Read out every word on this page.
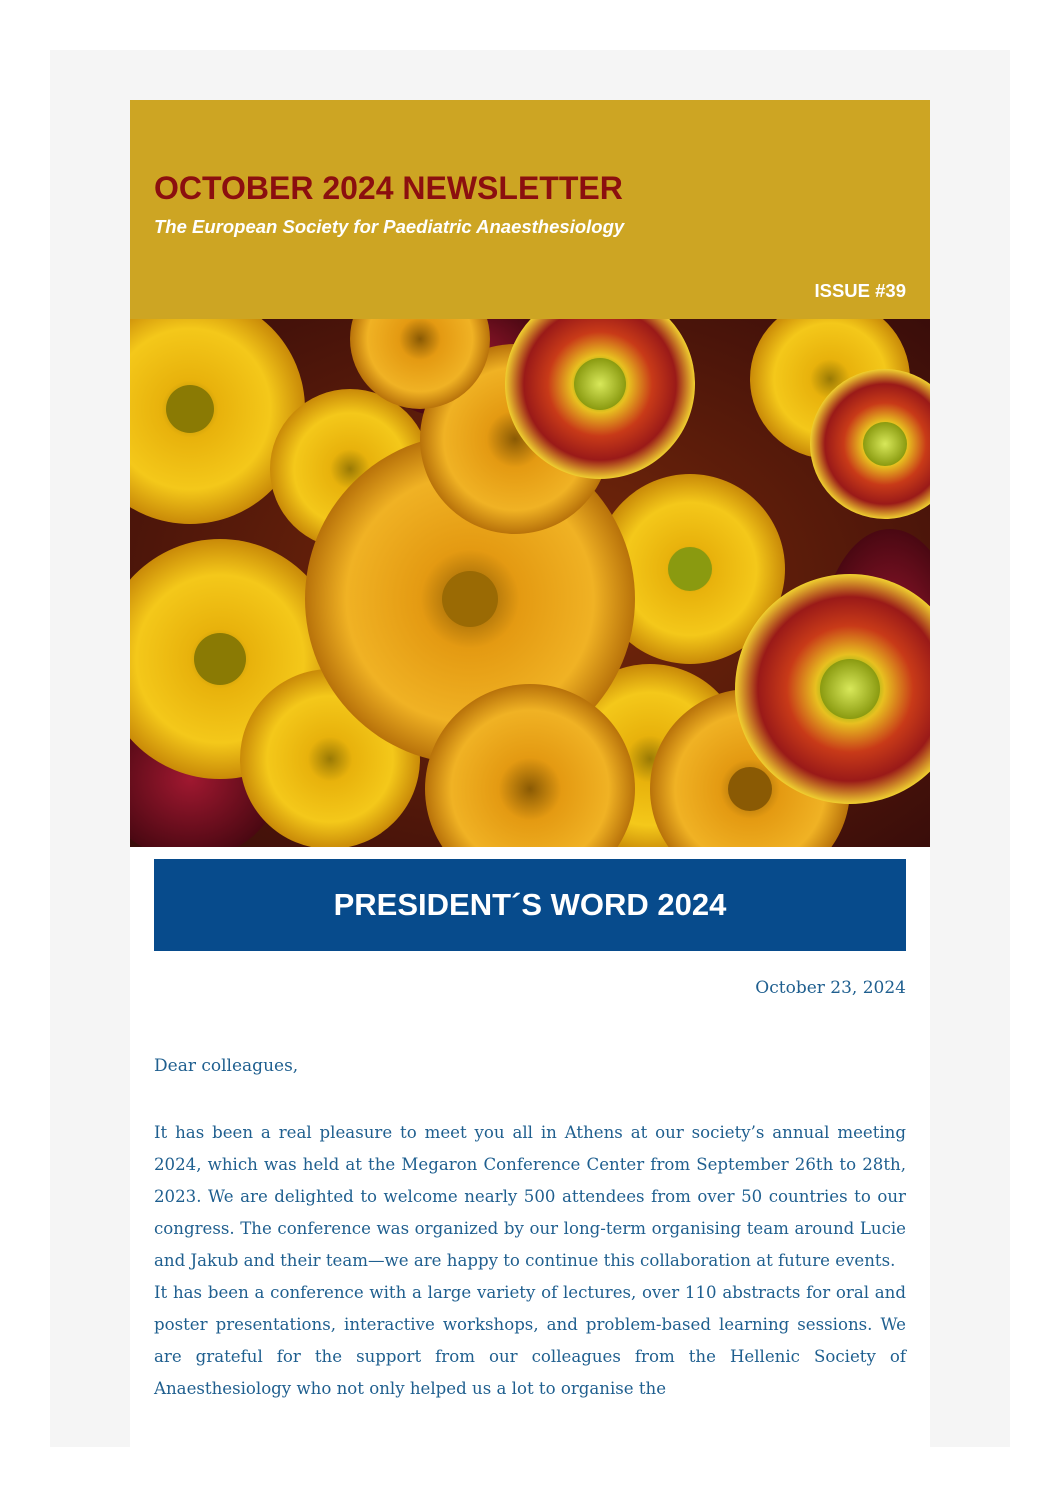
OCTOBER 2024 NEWSLETTER
The European Society for Paediatric Anaesthesiology
ISSUE #39
PRESIDENT´S WORD 2024
October 23, 2024
Dear colleagues,

It has been a real pleasure to meet you all in Athens at our society’s annual meeting 2024, which was held at the Megaron Conference Center from September 26th to 28th, 2023. We are delighted to welcome nearly 500 attendees from over 50 countries to our congress. The conference was organized by our long-term organising team around Lucie and Jakub and their team—we are happy to continue this collaboration at future events.

It has been a conference with a large variety of lectures, over 110 abstracts for oral and poster presentations, interactive workshops, and problem-based learning sessions. We are grateful for the support from our colleagues from the Hellenic Society of Anaesthesiology who not only helped us a lot to organise the
